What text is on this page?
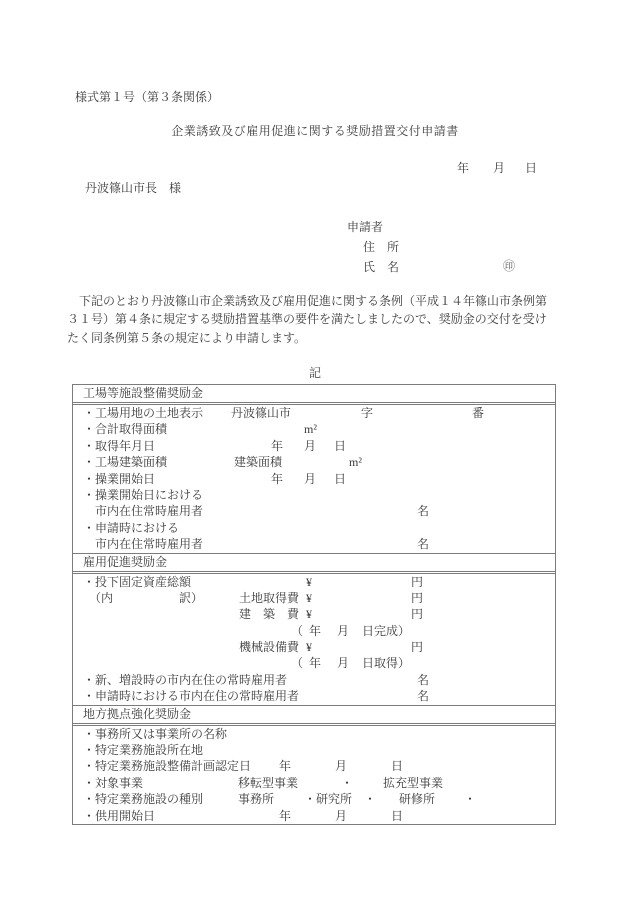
様式第１号（第３条関係）
企業誘致及び雇用促進に関する奨励措置交付申請書
年 月 日
丹波篠山市長　様
申請者
住　所
氏　名	㊞
　下記のとおり丹波篠山市企業誘致及び雇用促進に関する条例（平成１４年篠山市条例第
３１号）第４条に規定する奨励措置基準の要件を満たしましたので、奨励金の交付を受け
たく同条例第５条の規定により申請します。
記
工場等施設整備奨励金
・工場用地の土地表示 丹波篠山市	字	番
・合計取得面積	m²
・取得年月日	年 月 日
・工場建築面積	建築面積	m²
・操業開始日	年 月 日
・操業開始日における
市内在住常時雇用者	名
・申請時における
市内在住常時雇用者	名
雇用促進奨励金
・投下固定資産総額	¥	円
（内	訳）	土地取得費 ¥	円
建　築　費 ¥	円
（ 年 月 日完成）
機械設備費 ¥	円
（ 年 月 日取得）
・新、増設時の市内在住の常時雇用者	名
・申請時における市内在住の常時雇用者	名
地方拠点強化奨励金
・事務所又は事業所の名称
・特定業務施設所在地
・特定業務施設整備計画認定日 年	月	日
・対象事業	移転型事業	・ 拡充型事業
・特定業務施設の種別	事務所 ・研究所 ・ 研修所 ・
・供用開始日	年	月	日
